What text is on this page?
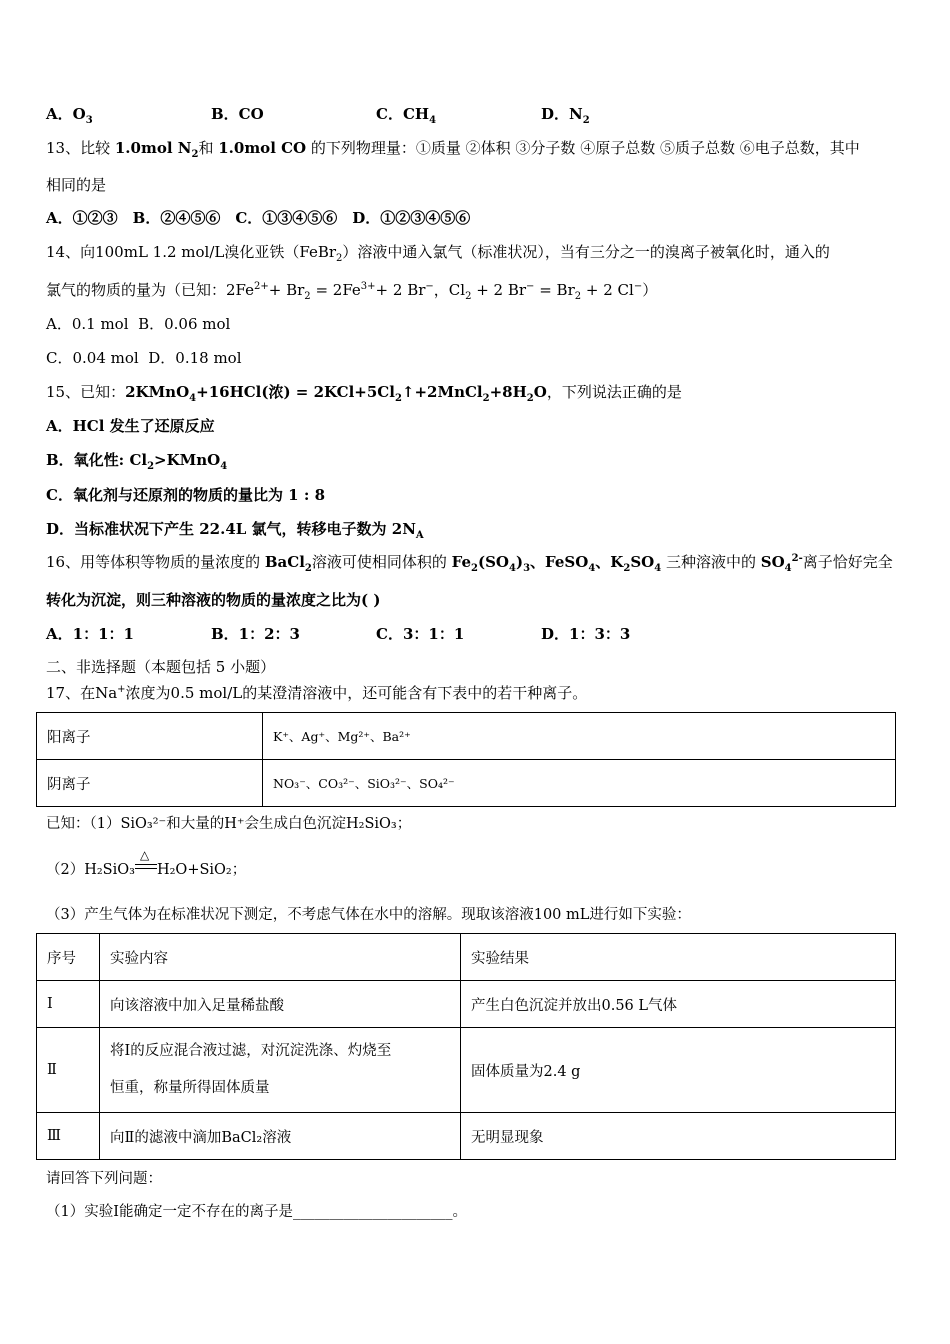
A．$O_3$	B．CO	C．$CH_4$	D．$N_2$
13、比较 1.0mol $N_2$和 1.0mol CO 的下列物理量：①质量 ②体积 ③分子数 ④原子总数 ⑤质子总数 ⑥电子总数，其中
相同的是
A．①②③　B．②④⑤⑥　C．①③④⑤⑥　D．①②③④⑤⑥
14、向100mL 1.2 mol/L溴化亚铁（FeBr$_2$）溶液中通入氯气（标准状况），当有三分之一的溴离子被氧化时，通入的
氯气的物质的量为（已知：$2Fe^{2+}+ Br_2 = 2Fe^{3+}+ 2$ Br−，$Cl_2 + 2$ $Br^- = Br_2 + 2$ Cl−）
A．0.1 mol B．0.06 mol
C．0.04 mol D．0.18 mol
15、已知：2KMnO$_4$+16HCl(浓) = $2KCl+5Cl_2↑+2MnCl_2+8H_2O$，下列说法正确的是
A．HCl 发生了还原反应
B．氧化性: $Cl_2>KMnO_4$
C．氧化剂与还原剂的物质的量比为 1 : 8
D．当标准状况下产生 22.4L 氯气，转移电子数为 $2N_A$
16、用等体积等物质的量浓度的 BaCl$_2$溶液可使相同体积的 $Fe_2(SO_4)_3$、FeSO$_4$、$K_2SO_4$ 三种溶液中的 $SO_4^{2-}$离子恰好完全
转化为沉淀，则三种溶液的物质的量浓度之比为( )
A．1：1：1	B．1：2：3	C．3：1：1	D．1：3：3
二、非选择题（本题包括 5 小题）
17、在Na+浓度为0.5 mol/L的某澄清溶液中，还可能含有下表中的若干种离子。
阳离子	K⁺、Ag⁺、Mg²⁺、Ba²⁺
阴离子	NO₃⁻、CO₃²⁻、SiO₃²⁻、SO₄²⁻
已知：（1）SiO₃²⁻和大量的H⁺会生成白色沉淀H₂SiO₃；
（2）H₂SiO₃
△
H₂O+SiO₂；
（3）产生气体为在标准状况下测定，不考虑气体在水中的溶解。现取该溶液100 mL进行如下实验：
序号	实验内容	实验结果
Ⅰ	向该溶液中加入足量稀盐酸	产生白色沉淀并放出0.56 L气体
Ⅱ	将Ⅰ的反应混合液过滤，对沉淀洗涤、灼烧至
恒重，称量所得固体质量	固体质量为2.4 g
Ⅲ	向Ⅱ的滤液中滴加BaCl₂溶液	无明显现象
请回答下列问题：
（1）实验Ⅰ能确定一定不存在的离子是______________________。
